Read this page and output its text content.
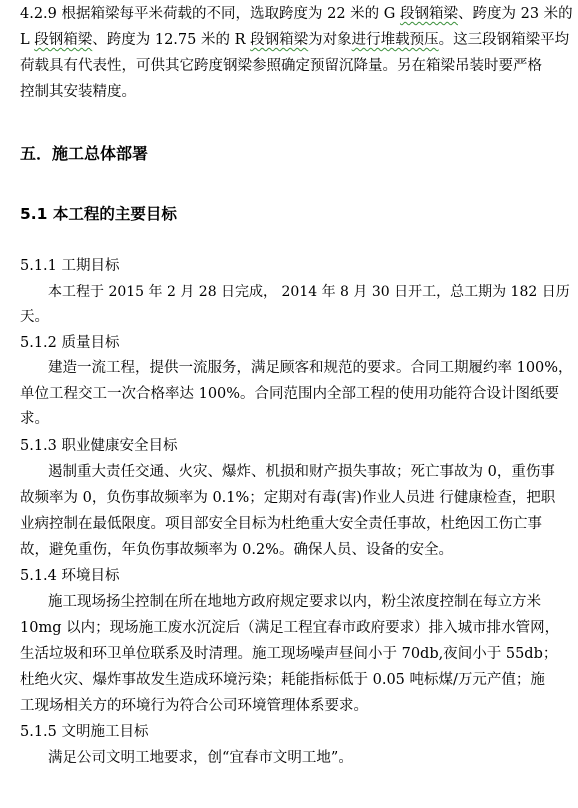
4.2.9 根据箱梁每平米荷载的不同，选取跨度为 22 米的 G 段钢箱梁、跨度为 23 米的
L 段钢箱梁、跨度为 12.75 米的 R 段钢箱梁为对象进行堆载预压。这三段钢箱梁平均
荷载具有代表性，可供其它跨度钢梁参照确定预留沉降量。另在箱梁吊装时要严格
控制其安装精度。
五．施工总体部署
5.1 本工程的主要目标
5.1.1 工期目标
本工程于 2015 年 2 月 28 日完成， 2014 年 8 月 30 日开工，总工期为 182 日历
天。
5.1.2 质量目标
建造一流工程，提供一流服务，满足顾客和规范的要求。合同工期履约率 100%，
单位工程交工一次合格率达 100%。合同范围内全部工程的使用功能符合设计图纸要
求。
5.1.3 职业健康安全目标
遏制重大责任交通、火灾、爆炸、机损和财产损失事故；死亡事故为 0，重伤事
故频率为 0，负伤事故频率为 0.1%；定期对有毒(害)作业人员进 行健康检查，把职
业病控制在最低限度。项目部安全目标为杜绝重大安全责任事故，杜绝因工伤亡事
故，避免重伤，年负伤事故频率为 0.2%。确保人员、设备的安全。
5.1.4 环境目标
施工现场扬尘控制在所在地地方政府规定要求以内，粉尘浓度控制在每立方米
10mg 以内；现场施工废水沉淀后（满足工程宜春市政府要求）排入城市排水管网，
生活垃圾和环卫单位联系及时清理。施工现场噪声昼间小于 70db,夜间小于 55db；
杜绝火灾、爆炸事故发生造成环境污染；耗能指标低于 0.05 吨标煤/万元产值；施
工现场相关方的环境行为符合公司环境管理体系要求。
5.1.5 文明施工目标
满足公司文明工地要求，创“宜春市文明工地”。
